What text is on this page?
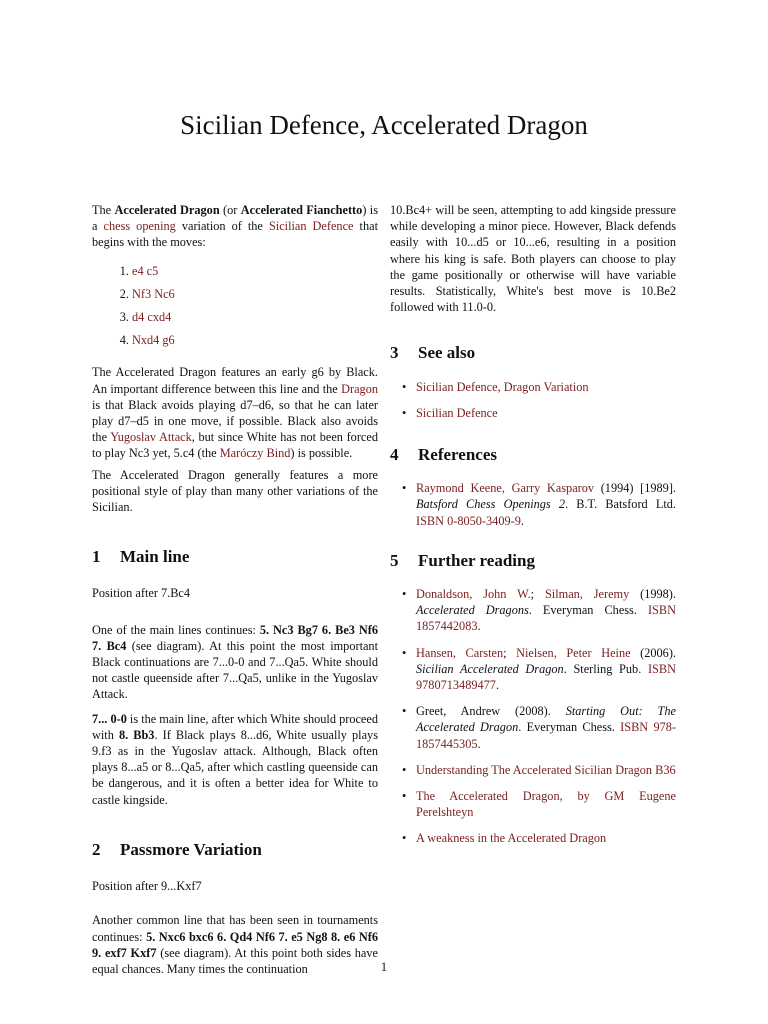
Sicilian Defence, Accelerated Dragon

The Accelerated Dragon (or Accelerated Fianchetto) is a chess opening variation of the Sicilian Defence that begins with the moves:

1. e4 c5
2. Nf3 Nc6
3. d4 cxd4
4. Nxd4 g6

The Accelerated Dragon features an early g6 by Black. An important difference between this line and the Dragon is that Black avoids playing d7–d6, so that he can later play d7–d5 in one move, if possible. Black also avoids the Yugoslav Attack, but since White has not been forced to play Nc3 yet, 5.c4 (the Maróczy Bind) is possible.

The Accelerated Dragon generally features a more positional style of play than many other variations of the Sicilian.

1	Main line

Position after 7.Bc4

One of the main lines continues: 5. Nc3 Bg7 6. Be3 Nf6 7. Bc4 (see diagram). At this point the most important Black continuations are 7...0-0 and 7...Qa5. White should not castle queenside after 7...Qa5, unlike in the Yugoslav Attack.

7... 0-0 is the main line, after which White should proceed with 8. Bb3. If Black plays 8...d6, White usually plays 9.f3 as in the Yugoslav attack. Although, Black often plays 8...a5 or 8...Qa5, after which castling queenside can be dangerous, and it is often a better idea for White to castle kingside.

2	Passmore Variation

Position after 9...Kxf7

Another common line that has been seen in tournaments continues: 5. Nxc6 bxc6 6. Qd4 Nf6 7. e5 Ng8 8. e6 Nf6 9. exf7 Kxf7 (see diagram). At this point both sides have equal chances. Many times the continuation

10.Bc4+ will be seen, attempting to add kingside pressure while developing a minor piece. However, Black defends easily with 10...d5 or 10...e6, resulting in a position where his king is safe. Both players can choose to play the game positionally or otherwise will have variable results. Statistically, White's best move is 10.Be2 followed with 11.0-0.

3	See also
• Sicilian Defence, Dragon Variation
• Sicilian Defence
4	References
• Raymond Keene, Garry Kasparov (1994) [1989]. Batsford Chess Openings 2. B.T. Batsford Ltd. ISBN 0-8050-3409-9.
5	Further reading
• Donaldson, John W.; Silman, Jeremy (1998). Accelerated Dragons. Everyman Chess. ISBN 1857442083.
• Hansen, Carsten; Nielsen, Peter Heine (2006). Sicilian Accelerated Dragon. Sterling Pub. ISBN 9780713489477.
• Greet, Andrew (2008). Starting Out: The Accelerated Dragon. Everyman Chess. ISBN 978-1857445305.
• Understanding The Accelerated Sicilian Dragon B36
• The Accelerated Dragon, by GM Eugene Perelshteyn
• A weakness in the Accelerated Dragon
1
